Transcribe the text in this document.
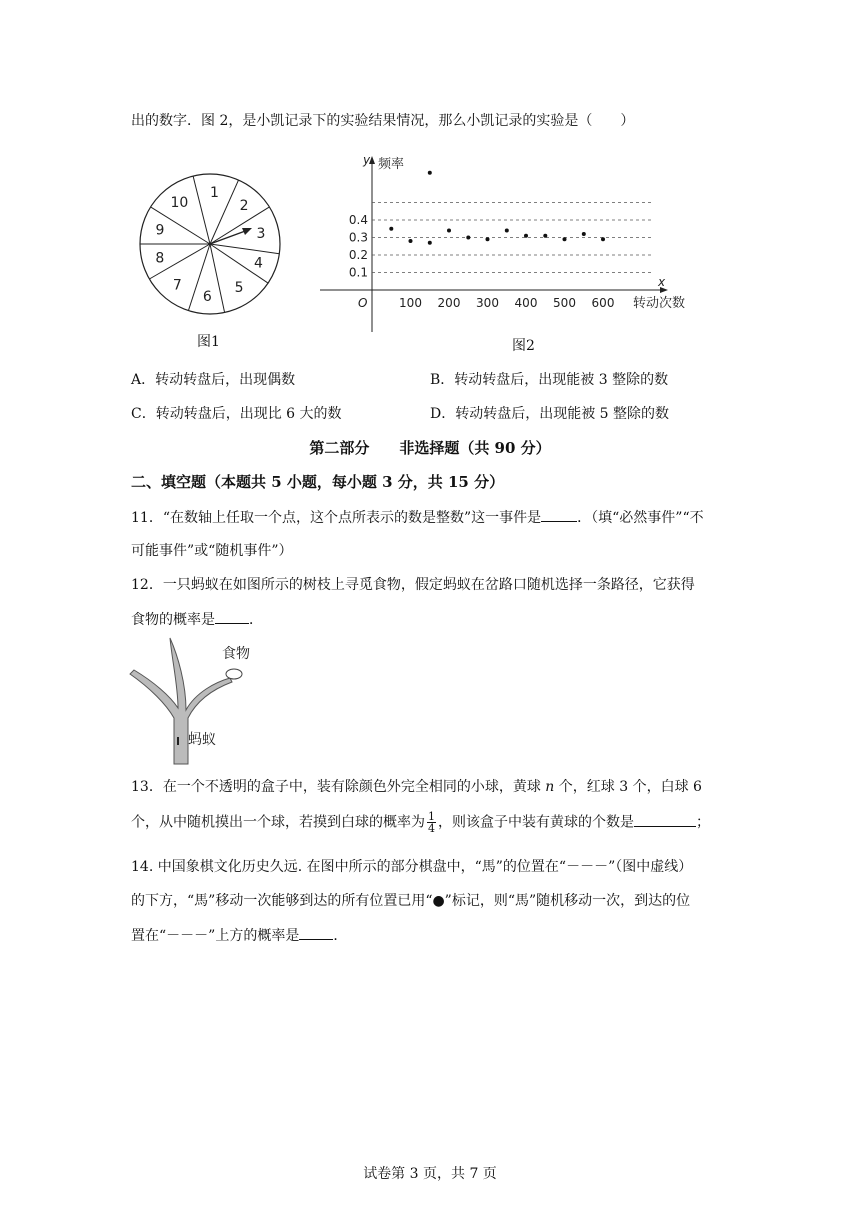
出的数字．图 2，是小凯记录下的实验结果情况，那么小凯记录的实验是（　　）
1
2
3
4
5
6
7
8
9
10
图1
0.4
0.3
0.2
0.1
100 200 300 400 500 600
O
y 频率
x
转动次数
图2
A．转动转盘后，出现偶数	B．转动转盘后，出现能被 3 整除的数
C．转动转盘后，出现比 6 大的数	D．转动转盘后，出现能被 5 整除的数
第二部分　　非选择题（共 90 分）
二、填空题（本题共 5 小题，每小题 3 分，共 15 分）
11．“在数轴上任取一个点，这个点所表示的数是整数”这一事件是	．（填“必然事件”“不
可能事件”或“随机事件”）
12．一只蚂蚁在如图所示的树枝上寻觅食物，假定蚂蚁在岔路口随机选择一条路径，它获得
食物的概率是 ．
食物
蚂蚁
13．在一个不透明的盒子中，装有除颜色外完全相同的小球，黄球 n 个，红球 3 个，白球 6
个，从中随机摸出一个球，若摸到白球的概率为 $\frac{1}{4}$ ，则该盒子中装有黄球的个数是	；
14. 中国象棋文化历史久远. 在图中所示的部分棋盘中，“馬”的位置在“－－－”（图中虚线）
的下方，“馬”移动一次能够到达的所有位置已用“●”标记，则“馬”随机移动一次，到达的位
置在“－－－”上方的概率是 ．
试卷第 3 页，共 7 页
